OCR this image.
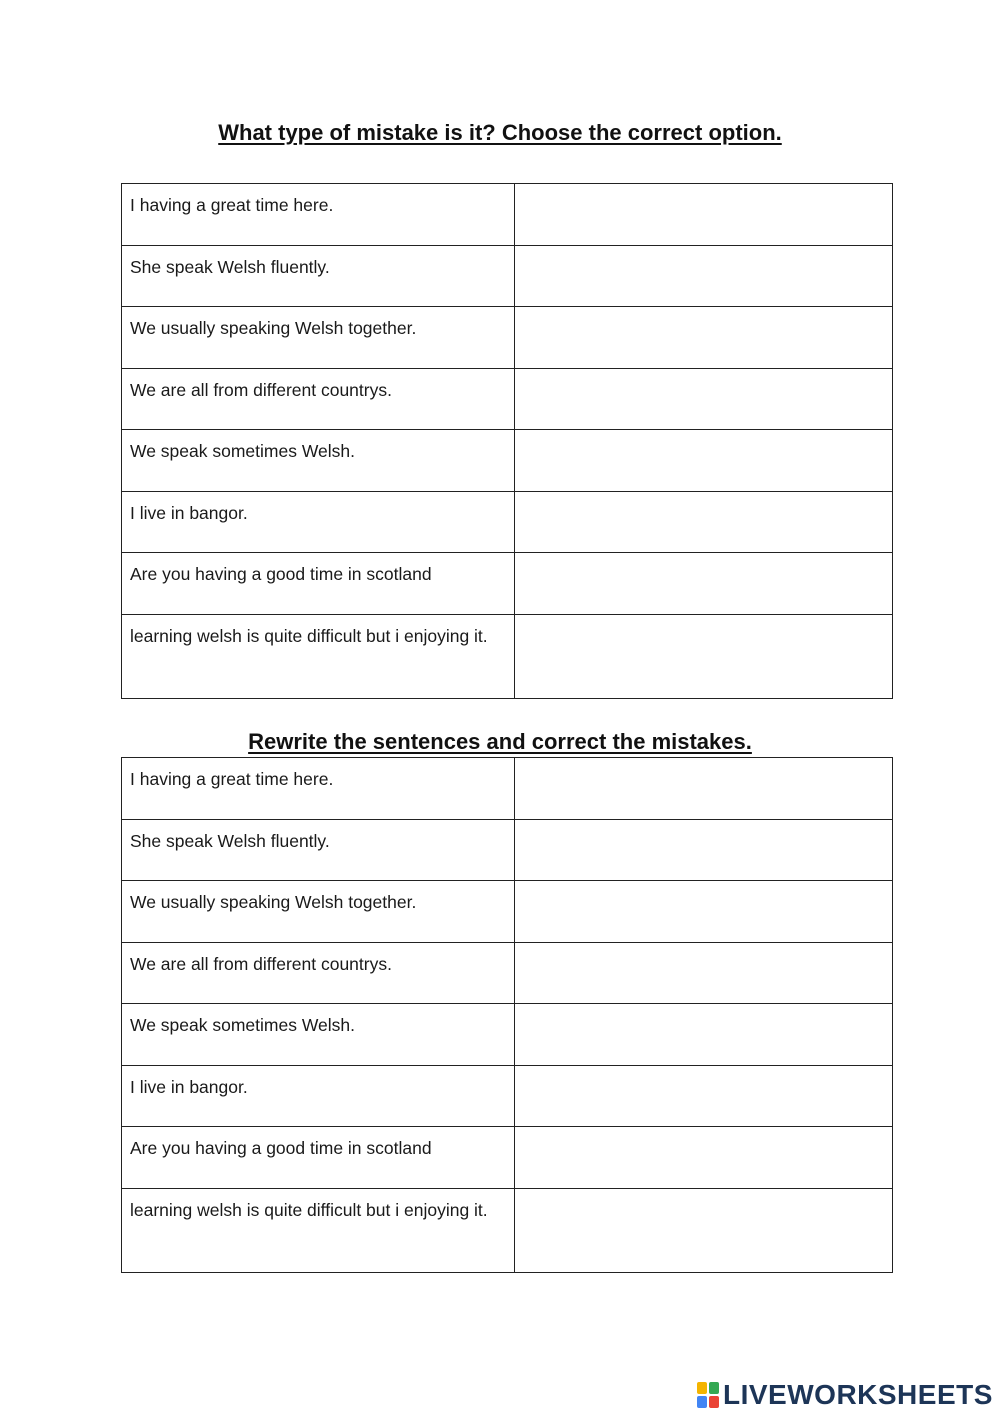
What type of mistake is it? Choose the correct option.
I having a great time here.	

She speak Welsh fluently.	

We usually speaking Welsh together.	

We are all from different countrys.	

We speak sometimes Welsh.	

I live in bangor.	

Are you having a good time in scotland	

learning welsh is quite difficult but i enjoying it.	
Rewrite the sentences and correct the mistakes.
I having a great time here.	

She speak Welsh fluently.	

We usually speaking Welsh together.	

We are all from different countrys.	

We speak sometimes Welsh.	

I live in bangor.	

Are you having a good time in scotland	

learning welsh is quite difficult but i enjoying it.	
LIVEWORKSHEETS
